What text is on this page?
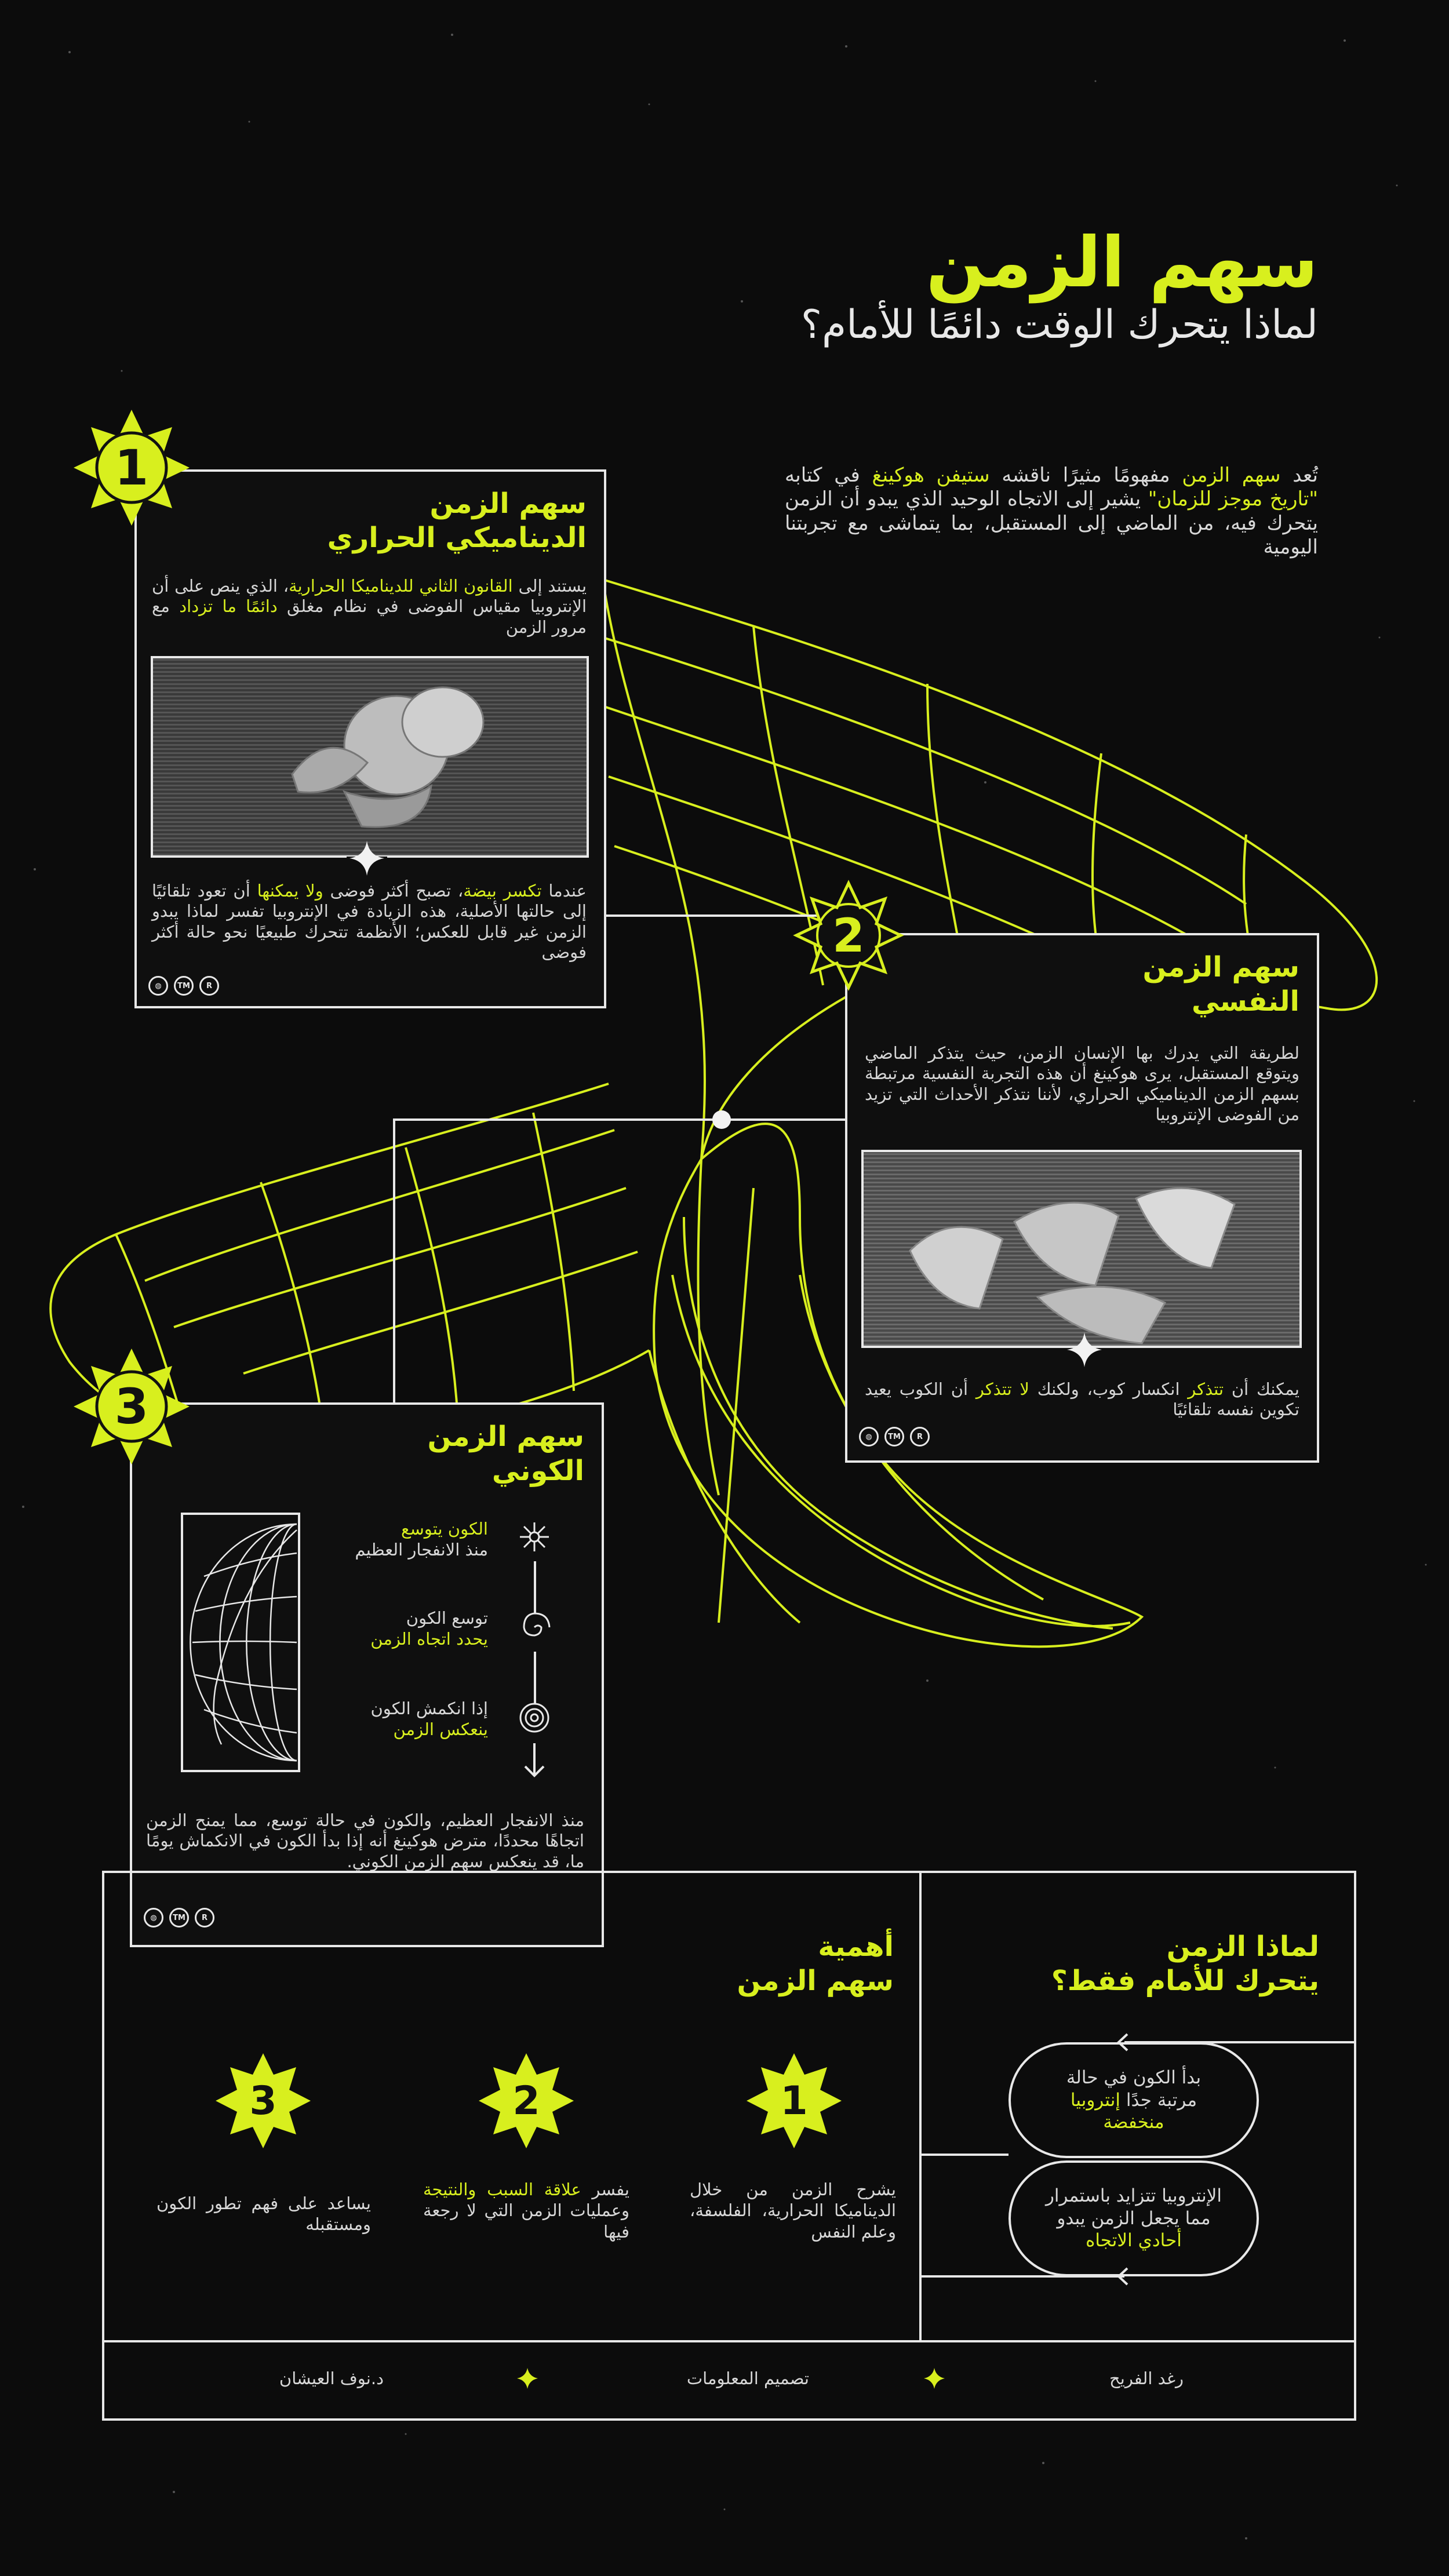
سهم الزمن
لماذا يتحرك الوقت دائمًا للأمام؟
تُعد سهم الزمن مفهومًا مثيرًا ناقشه ستيفن هوكينغ في كتابه "تاريخ موجز للزمان" يشير إلى الاتجاه الوحيد الذي يبدو أن الزمن يتحرك فيه، من الماضي إلى المستقبل، بما يتماشى مع تجربتنا اليومية
سهم الزمن
الديناميكي الحراري
يستند إلى القانون الثاني للديناميكا الحرارية، الذي ينص على أن الإنتروبيا مقياس الفوضى في نظام مغلق دائمًا ما تزداد مع مرور الزمن
عندما تكسر بيضة، تصبح أكثر فوضى ولا يمكنها أن تعود تلقائيًا إلى حالتها الأصلية، هذه الزيادة في الإنتروبيا تفسر لماذا يبدو الزمن غير قابل للعكس؛ الأنظمة تتحرك طبيعيًا نحو حالة أكثر فوضى
◍	TM	R
سهم الزمن
النفسي
لطريقة التي يدرك بها الإنسان الزمن، حيث يتذكر الماضي ويتوقع المستقبل، يرى هوكينغ أن هذه التجربة النفسية مرتبطة بسهم الزمن الديناميكي الحراري، لأننا نتذكر الأحداث التي تزيد من الفوضى الإنتروبيا
يمكنك أن تتذكر انكسار كوب، ولكنك لا تتذكر أن الكوب يعيد تكوين نفسه تلقائيًا
◍	TM	R
سهم الزمن
الكوني
الكون يتوسع
منذ الانفجار العظيم
توسع الكون
يحدد اتجاه الزمن
إذا انكمش الكون
ينعكس الزمن
منذ الانفجار العظيم، والكون في حالة توسع، مما يمنح الزمن اتجاهًا محددًا، مترض هوكينغ أنه إذا بدأ الكون في الانكماش يومًا ما، قد ينعكس سهم الزمن الكوني.
◍	TM	R
لماذا الزمن
يتحرك للأمام فقط؟
بدأ الكون في حالة مرتبة جدًا إنتروبيا منخفضة
الإنتروبيا تتزايد باستمرار مما يجعل الزمن يبدو أحادي الاتجاه
أهمية
سهم الزمن
1
2
3
يشرح الزمن من خلال الديناميكا الحرارية، الفلسفة، وعلم النفس
يفسر علاقة السبب والنتيجة وعمليات الزمن التي لا رجعة فيها
يساعد على فهم تطور الكون ومستقبله
رغد الفريح
تصميم المعلومات
د.نوف العيشان
1
2
3
